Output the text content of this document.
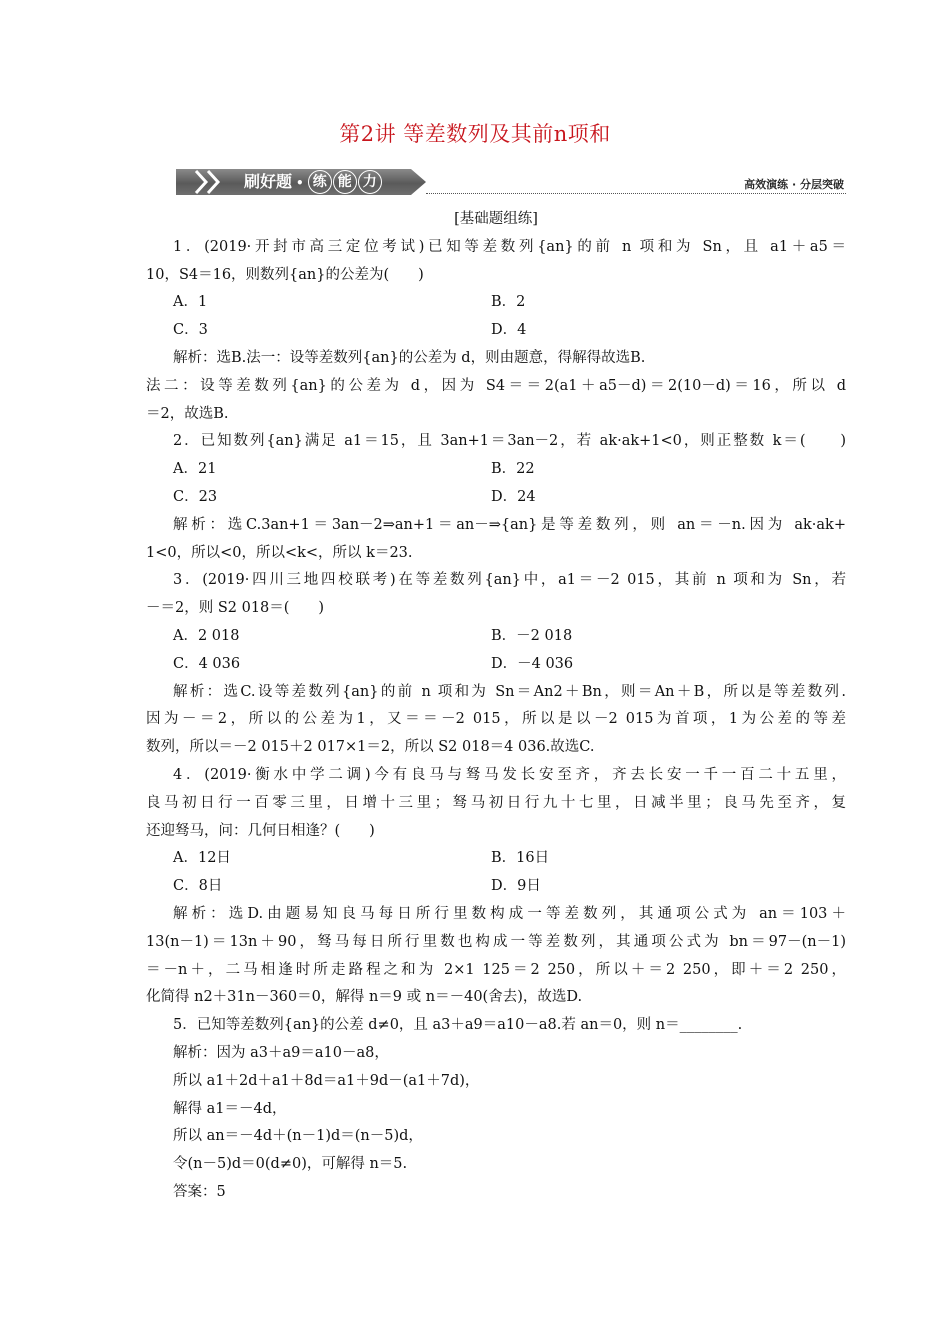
第2讲 等差数列及其前n项和
刷好题 • 练 能 力	高效演练 · 分层突破
[基础题组练]
1．(2019·开封市高三定位考试)已知等差数列{an}的前 n 项和为 Sn，且 a1＋a5＝
10，S4＝16，则数列{an}的公差为(　　)
A．1	B．2
C．3	D．4
解析：选B.法一：设等差数列{an}的公差为 d，则由题意，得解得故选B.
法二：设等差数列{an}的公差为 d，因为 S4＝＝2(a1＋a5－d)＝2(10－d)＝16，所以 d
＝2，故选B.
2．已知数列{an}满足 a1＝15，且 3an+1＝3an－2，若 ak·ak+1<0，则正整数 k＝(　　)
A．21	B．22
C．23	D．24
解析：选C.3an+1＝3an－2⇒an+1＝an－⇒{an}是等差数列，则 an＝－n.因为 ak·ak+
1<0，所以<0，所以<k<，所以 k＝23.
3．(2019·四川三地四校联考)在等差数列{an}中，a1＝－2 015，其前 n 项和为 Sn，若
－＝2，则 S2 018＝(　　)
A．2 018	B．－2 018
C．4 036	D．－4 036
解析：选C.设等差数列{an}的前 n 项和为 Sn＝An2＋Bn，则＝An＋B，所以是等差数列.
因为－＝2，所以的公差为1，又＝＝－2 015，所以是以－2 015为首项，1为公差的等差
数列，所以＝－2 015＋2 017×1＝2，所以 S2 018＝4 036.故选C.
4．(2019·衡水中学二调)今有良马与驽马发长安至齐，齐去长安一千一百二十五里，
良马初日行一百零三里，日增十三里；驽马初日行九十七里，日减半里；良马先至齐，复
还迎驽马，问：几何日相逢？(　　)
A．12日	B．16日
C．8日	D．9日
解析：选D.由题易知良马每日所行里数构成一等差数列，其通项公式为 an＝103＋
13(n－1)＝13n＋90，驽马每日所行里数也构成一等差数列，其通项公式为 bn＝97－(n－1)
＝－n＋，二马相逢时所走路程之和为 2×1 125＝2 250，所以＋＝2 250，即＋＝2 250，
化简得 n2＋31n－360＝0，解得 n＝9 或 n＝－40(舍去)，故选D.
5．已知等差数列{an}的公差 d≠0，且 a3＋a9＝a10－a8.若 an＝0，则 n＝________.
解析：因为 a3＋a9＝a10－a8，
所以 a1＋2d＋a1＋8d＝a1＋9d－(a1＋7d)，
解得 a1＝－4d，
所以 an＝－4d＋(n－1)d＝(n－5)d，
令(n－5)d＝0(d≠0)，可解得 n＝5.
答案：5
